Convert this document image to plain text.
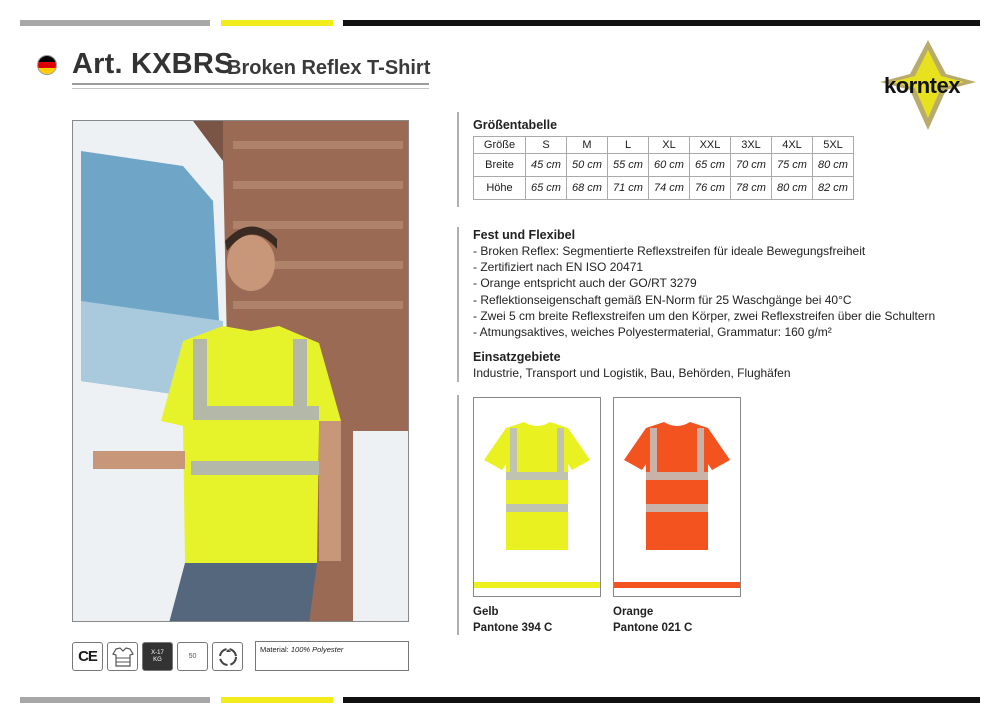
Art. KXBRS
Broken Reflex T-Shirt
korntex
Größentabelle
Größe	S	M	L	XL	XXL	3XL	4XL	5XL
Breite	45 cm	50 cm	55 cm	60 cm	65 cm	70 cm	75 cm	80 cm
Höhe	65 cm	68 cm	71 cm	74 cm	76 cm	78 cm	80 cm	82 cm
Fest und Flexibel
- Broken Reflex: Segmentierte Reflexstreifen für ideale Bewegungsfreiheit
- Zertifiziert nach EN ISO 20471
- Orange entspricht auch der GO/RT 3279
- Reflektionseigenschaft gemäß EN-Norm für 25 Waschgänge bei 40°C
- Zwei 5 cm breite Reflexstreifen um den Körper, zwei Reflexstreifen über die Schultern
- Atmungsaktives, weiches Polyestermaterial, Grammatur: 160 g/m²
Einsatzgebiete
Industrie, Transport und Logistik, Bau, Behörden, Flughäfen
Gelb
Pantone 394 C
Orange
Pantone 021 C
CE	X-17 KG	50
Material: 100% Polyester
